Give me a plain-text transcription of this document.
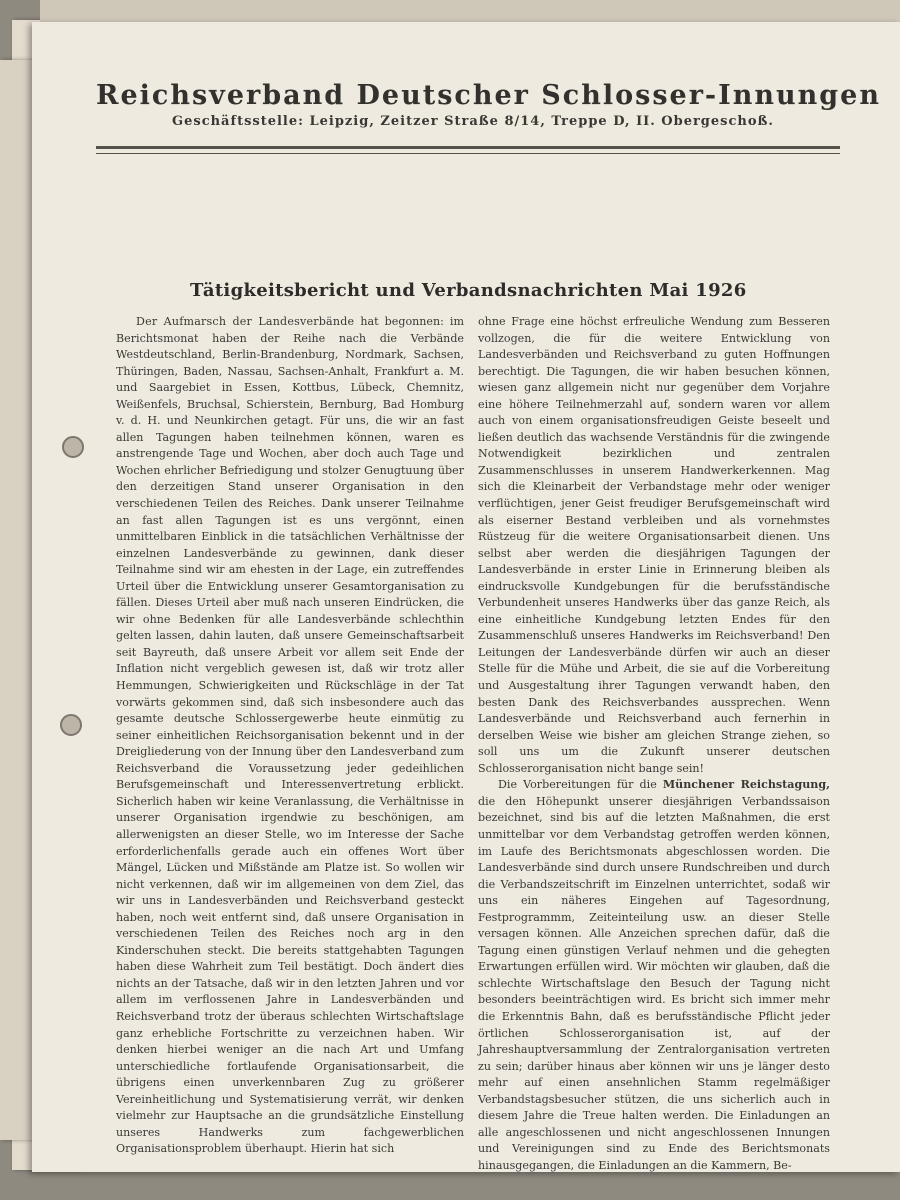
Reichsverband Deutscher Schlosser-Innungen
Geschäftsstelle: Leipzig, Zeitzer Straße 8/14, Treppe D, II. Obergeschoß.
Tätigkeitsbericht und Verbandsnachrichten Mai 1926

Der Aufmarsch der Landesverbände hat begonnen: im Berichtsmonat haben der Reihe nach die Verbände Westdeutschland, Berlin-Brandenburg, Nordmark, Sachsen, Thüringen, Baden, Nassau, Sachsen-Anhalt, Frankfurt a. M. und Saargebiet in Essen, Kottbus, Lübeck, Chemnitz, Weißenfels, Bruchsal, Schierstein, Bernburg, Bad Homburg v. d. H. und Neunkirchen getagt. Für uns, die wir an fast allen Tagungen haben teilnehmen können, waren es anstrengende Tage und Wochen, aber doch auch Tage und Wochen ehrlicher Befriedigung und stolzer Genugtuung über den derzeitigen Stand unserer Organisation in den verschiedenen Teilen des Reiches. Dank unserer Teilnahme an fast allen Tagungen ist es uns vergönnt, einen unmittelbaren Einblick in die tatsächlichen Verhältnisse der einzelnen Landesverbände zu gewinnen, dank dieser Teilnahme sind wir am ehesten in der Lage, ein zutreffendes Urteil über die Entwicklung unserer Gesamtorganisation zu fällen. Dieses Urteil aber muß nach unseren Eindrücken, die wir ohne Bedenken für alle Landesverbände schlechthin gelten lassen, dahin lauten, daß unsere Gemeinschaftsarbeit seit Bayreuth, daß unsere Arbeit vor allem seit Ende der Inflation nicht vergeblich gewesen ist, daß wir trotz aller Hemmungen, Schwierigkeiten und Rückschläge in der Tat vorwärts gekommen sind, daß sich insbesondere auch das gesamte deutsche Schlossergewerbe heute einmütig zu seiner einheitlichen Reichsorganisation bekennt und in der Dreigliederung von der Innung über den Landesverband zum Reichsverband die Voraussetzung jeder gedeihlichen Berufsgemeinschaft und Interessenvertretung erblickt. Sicherlich haben wir keine Veranlassung, die Verhältnisse in unserer Organisation irgendwie zu beschönigen, am allerwenigsten an dieser Stelle, wo im Interesse der Sache erforderlichenfalls gerade auch ein offenes Wort über Mängel, Lücken und Mißstände am Platze ist. So wollen wir nicht verkennen, daß wir im allgemeinen von dem Ziel, das wir uns in Landesverbänden und Reichsverband gesteckt haben, noch weit entfernt sind, daß unsere Organisation in verschiedenen Teilen des Reiches noch arg in den Kinderschuhen steckt. Die bereits stattgehabten Tagungen haben diese Wahrheit zum Teil bestätigt. Doch ändert dies nichts an der Tatsache, daß wir in den letzten Jahren und vor allem im verflossenen Jahre in Landesverbänden und Reichsverband trotz der überaus schlechten Wirtschaftslage ganz erhebliche Fortschritte zu verzeichnen haben. Wir denken hierbei weniger an die nach Art und Umfang unterschiedliche fortlaufende Organisationsarbeit, die übrigens einen unverkennbaren Zug zu größerer Vereinheitlichung und Systematisierung verrät, wir denken vielmehr zur Hauptsache an die grundsätzliche Einstellung unseres Handwerks zum fachgewerblichen Organisationsproblem überhaupt. Hierin hat sich

ohne Frage eine höchst erfreuliche Wendung zum Besseren vollzogen, die für die weitere Entwicklung von Landesverbänden und Reichsverband zu guten Hoffnungen berechtigt. Die Tagungen, die wir haben besuchen können, wiesen ganz allgemein nicht nur gegenüber dem Vorjahre eine höhere Teilnehmerzahl auf, sondern waren vor allem auch von einem organisationsfreudigen Geiste beseelt und ließen deutlich das wachsende Verständnis für die zwingende Notwendigkeit bezirklichen und zentralen Zusammenschlusses in unserem Handwerkerkennen. Mag sich die Kleinarbeit der Verbandstage mehr oder weniger verflüchtigen, jener Geist freudiger Berufsgemeinschaft wird als eiserner Bestand verbleiben und als vornehmstes Rüstzeug für die weitere Organisationsarbeit dienen. Uns selbst aber werden die diesjährigen Tagungen der Landesverbände in erster Linie in Erinnerung bleiben als eindrucksvolle Kundgebungen für die berufsständische Verbundenheit unseres Handwerks über das ganze Reich, als eine einheitliche Kundgebung letzten Endes für den Zusammenschluß unseres Handwerks im Reichsverband! Den Leitungen der Landesverbände dürfen wir auch an dieser Stelle für die Mühe und Arbeit, die sie auf die Vorbereitung und Ausgestaltung ihrer Tagungen verwandt haben, den besten Dank des Reichsverbandes aussprechen. Wenn Landesverbände und Reichsverband auch fernerhin in derselben Weise wie bisher am gleichen Strange ziehen, so soll uns um die Zukunft unserer deutschen Schlosserorganisation nicht bange sein!

Die Vorbereitungen für die Münchener Reichstagung, die den Höhepunkt unserer diesjährigen Verbandssaison bezeichnet, sind bis auf die letzten Maßnahmen, die erst unmittelbar vor dem Verbandstag getroffen werden können, im Laufe des Berichtsmonats abgeschlossen worden. Die Landesverbände sind durch unsere Rundschreiben und durch die Verbandszeitschrift im Einzelnen unterrichtet, sodaß wir uns ein näheres Eingehen auf Tagesordnung, Festprogrammm, Zeiteinteilung usw. an dieser Stelle versagen können. Alle Anzeichen sprechen dafür, daß die Tagung einen günstigen Verlauf nehmen und die gehegten Erwartungen erfüllen wird. Wir möchten wir glauben, daß die schlechte Wirtschaftslage den Besuch der Tagung nicht besonders beeinträchtigen wird. Es bricht sich immer mehr die Erkenntnis Bahn, daß es berufsständische Pflicht jeder örtlichen Schlosserorganisation ist, auf der Jahreshauptversammlung der Zentralorganisation vertreten zu sein; darüber hinaus aber können wir uns je länger desto mehr auf einen ansehnlichen Stamm regelmäßiger Verbandstagsbesucher stützen, die uns sicherlich auch in diesem Jahre die Treue halten werden. Die Einladungen an alle angeschlossenen und nicht angeschlossenen Innungen und Vereinigungen sind zu Ende des Berichtsmonats hinausgegangen, die Einladungen an die Kammern, Be-
